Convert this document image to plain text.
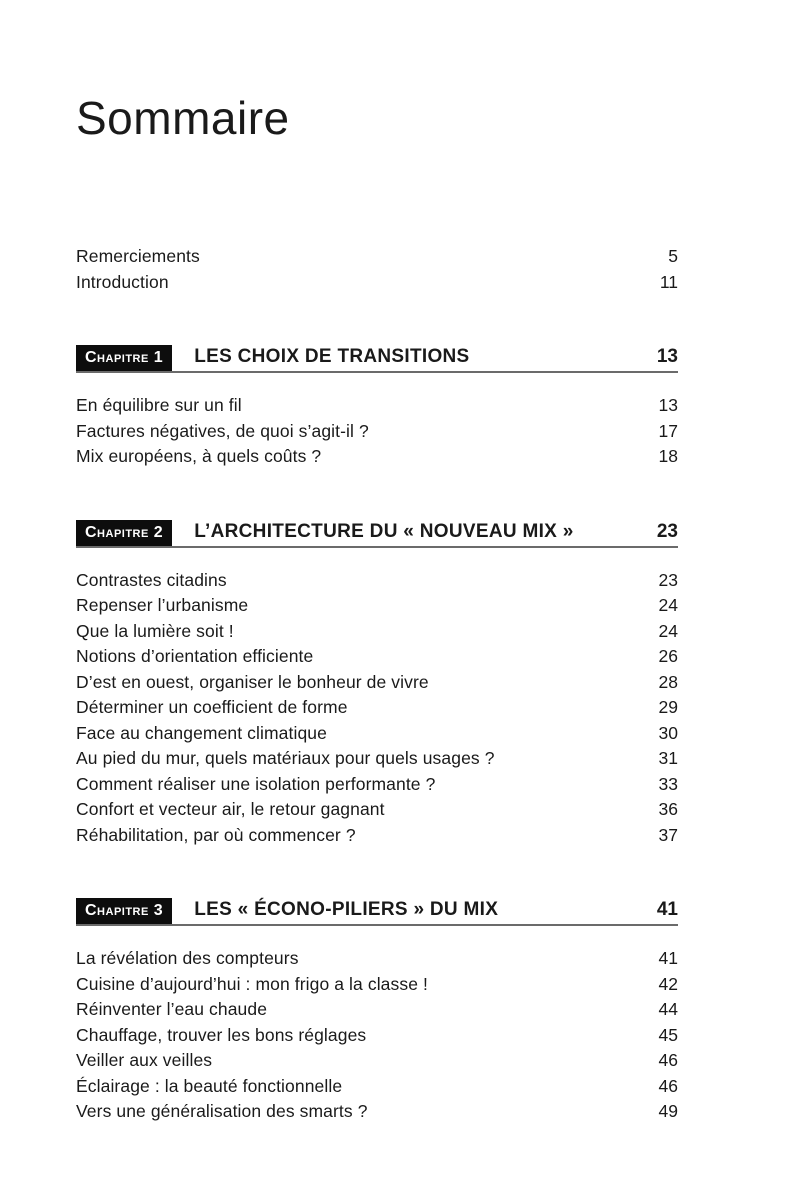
Sommaire
Remerciements	5
Introduction	11
Chapitre 1	LES CHOIX DE TRANSITIONS	13
En équilibre sur un fil	13
Factures négatives, de quoi s’agit-il ?	17
Mix européens, à quels coûts ?	18
Chapitre 2	L’ARCHITECTURE DU « NOUVEAU MIX »	23
Contrastes citadins	23
Repenser l’urbanisme	24
Que la lumière soit !	24
Notions d’orientation efficiente	26
D’est en ouest, organiser le bonheur de vivre	28
Déterminer un coefficient de forme	29
Face au changement climatique	30
Au pied du mur, quels matériaux pour quels usages ?	31
Comment réaliser une isolation performante ?	33
Confort et vecteur air, le retour gagnant	36
Réhabilitation, par où commencer ?	37
Chapitre 3	LES « ÉCONO-PILIERS » DU MIX	41
La révélation des compteurs	41
Cuisine d’aujourd’hui : mon frigo a la classe !	42
Réinventer l’eau chaude	44
Chauffage, trouver les bons réglages	45
Veiller aux veilles	46
Éclairage : la beauté fonctionnelle	46
Vers une généralisation des smarts ?	49
